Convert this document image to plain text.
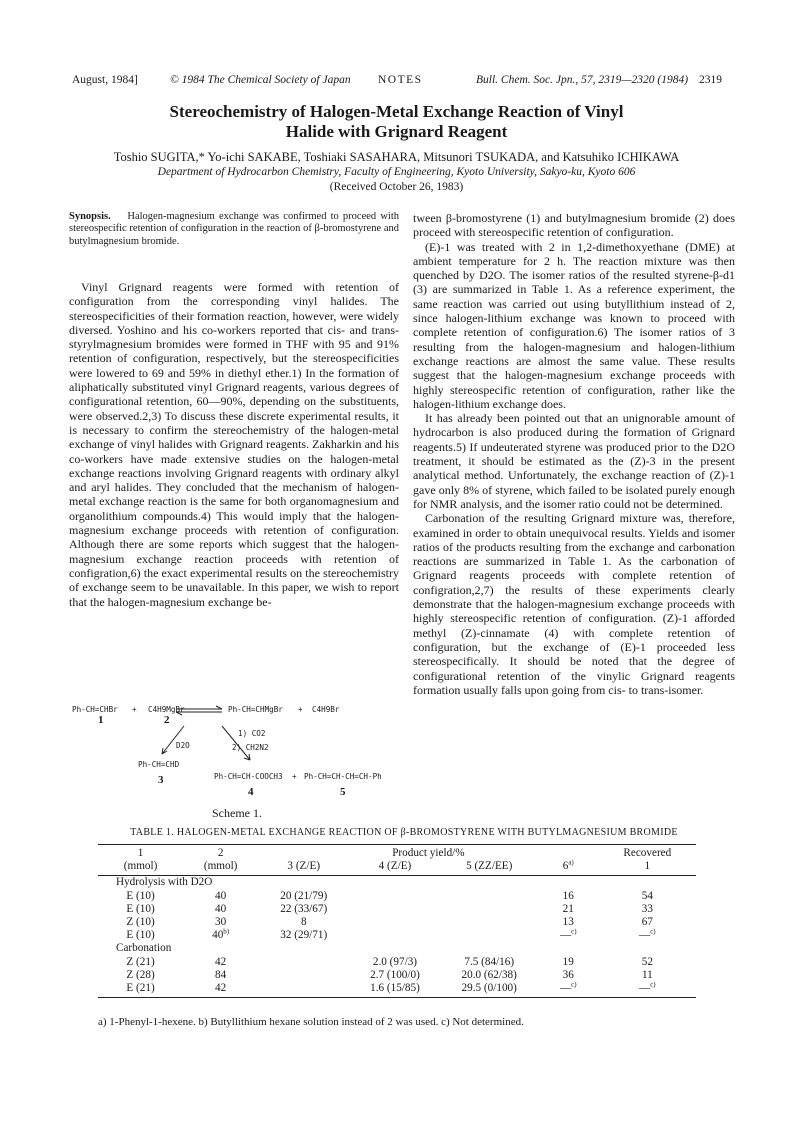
August, 1984]	© 1984 The Chemical Society of Japan NOTES	Bull. Chem. Soc. Jpn., 57, 2319—2320 (1984) 2319
Stereochemistry of Halogen-Metal Exchange Reaction of Vinyl
Halide with Grignard Reagent
Toshio SUGITA,* Yo-ichi SAKABE, Toshiaki SASAHARA, Mitsunori TSUKADA, and Katsuhiko ICHIKAWA
Department of Hydrocarbon Chemistry, Faculty of Engineering, Kyoto University, Sakyo-ku, Kyoto 606
(Received October 26, 1983)

Synopsis. Halogen-magnesium exchange was confirmed to proceed with stereospecific retention of configuration in the reaction of β-bromostyrene and butylmagnesium bromide.

Vinyl Grignard reagents were formed with retention of configuration from the corresponding vinyl halides. The stereospecificities of their formation reaction, however, were widely diversed. Yoshino and his co-workers reported that cis- and trans-styrylmagnesium bromides were formed in THF with 95 and 91% retention of configuration, respectively, but the stereospecificities were lowered to 69 and 59% in diethyl ether.1) In the formation of aliphatically substituted vinyl Grignard reagents, various degrees of configurational retention, 60—90%, depending on the substituents, were observed.2,3) To discuss these discrete experimental results, it is necessary to confirm the stereochemistry of the halogen-metal exchange of vinyl halides with Grignard reagents. Zakharkin and his co-workers have made extensive studies on the halogen-metal exchange reactions involving Grignard reagents with ordinary alkyl and aryl halides. They concluded that the mechanism of halogen-metal exchange reaction is the same for both organomagnesium and organolithium compounds.4) This would imply that the halogen-magnesium exchange proceeds with retention of configuration. Although there are some reports which suggest that the halogen-magnesium exchange reaction proceeds with retention of configration,6) the exact experimental results on the stereochemistry of exchange seem to be unavailable. In this paper, we wish to report that the halogen-magnesium exchange be-

Ph-CH=CHBr + C4H9MgBr	Ph-CH=CHMgBr + C4H9Br
1	2
D2O
1) CO2
2) CH2N2
Ph-CH=CHD
Ph-CH=CH-COOCH3 + Ph-CH=CH-CH=CH-Ph
3
4	5
Scheme 1.

tween β-bromostyrene (1) and butylmagnesium bromide (2) does proceed with stereospecific retention of configuration.

(E)-1 was treated with 2 in 1,2-dimethoxyethane (DME) at ambient temperature for 2 h. The reaction mixture was then quenched by D2O. The isomer ratios of the resulted styrene-β-d1 (3) are summarized in Table 1. As a reference experiment, the same reaction was carried out using butyllithium instead of 2, since halogen-lithium exchange was known to proceed with complete retention of configuration.6) The isomer ratios of 3 resulting from the halogen-magnesium and halogen-lithium exchange reactions are almost the same value. These results suggest that the halogen-magnesium exchange proceeds with highly stereospecific retention of configuration, rather like the halogen-lithium exchange does.

It has already been pointed out that an unignorable amount of hydrocarbon is also produced during the formation of Grignard reagents.5) If undeuterated styrene was produced prior to the D2O treatment, it should be estimated as the (Z)-3 in the present analytical method. Unfortunately, the exchange reaction of (Z)-1 gave only 8% of styrene, which failed to be isolated purely enough for NMR analysis, and the isomer ratio could not be determined.

Carbonation of the resulting Grignard mixture was, therefore, examined in order to obtain unequivocal results. Yields and isomer ratios of the products resulting from the exchange and carbonation reactions are summarized in Table 1. As the carbonation of Grignard reagents proceeds with complete retention of configration,2,7) the results of these experiments clearly demonstrate that the halogen-magnesium exchange proceeds with highly stereospecific retention of configuration. (Z)-1 afforded methyl (Z)-cinnamate (4) with complete retention of configuration, but the exchange of (E)-1 proceeded less stereospecifically. It should be noted that the degree of configurational retention of the vinylic Grignard reagents formation usually falls upon going from cis- to trans-isomer.

TABLE 1. HALOGEN-METAL EXCHANGE REACTION OF β-BROMOSTYRENE WITH BUTYLMAGNESIUM BROMIDE
1	2	Product yield/%				Recovered
(mmol)	(mmol)	3 (Z/E)	4 (Z/E)	5 (ZZ/EE)	6$^{a)}$	1
Hydrolysis with D2O						
E (10)	40	20 (21/79)			16	54
E (10)	40	22 (33/67)			21	33
Z (10)	30	8			13	67
E (10)	40$^{b)}$	32 (29/71)			—$^{c)}$	—$^{c)}$
Carbonation						
Z (21)	42		2.0 (97/3)	7.5 (84/16)	19	52
Z (28)	84		2.7 (100/0)	20.0 (62/38)	36	11
E (21)	42		1.6 (15/85)	29.5 (0/100)	—$^{c)}$	—$^{c)}$
a) 1-Phenyl-1-hexene. b) Butyllithium hexane solution instead of 2 was used. c) Not determined.
